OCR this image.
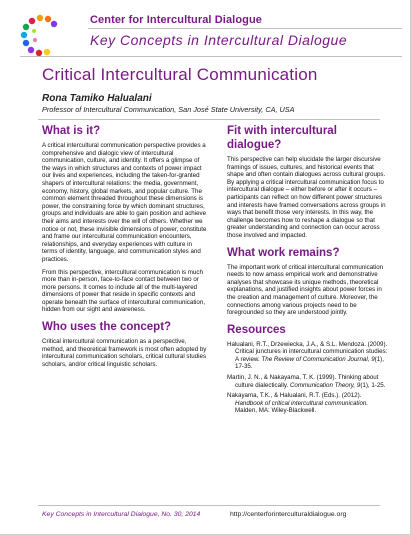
Center for Intercultural Dialogue
Key Concepts in Intercultural Dialogue
Critical Intercultural Communication
Rona Tamiko Halualani
Professor of Intercultural Communication, San José State University, CA, USA
What is it?

A critical intercultural communication perspective provides a comprehensive and dialogic view of intercultural communication, culture, and identity. It offers a glimpse of the ways in which structures and contexts of power impact our lives and experiences, including the taken-for-granted shapers of intercultural relations: the media, government, economy, history, global markets, and popular culture. The common element threaded throughout these dimensions is power, the constraining force by which dominant structures, groups and individuals are able to gain position and achieve their aims and interests over the will of others. Whether we notice or not, these invisible dimensions of power, constitute and frame our intercultural communication encounters, relationships, and everyday experiences with culture in terms of identity, language, and communication styles and practices.

From this perspective, intercultural communication is much more than in-person, face-to-face contact between two or more persons. It comes to include all of the multi-layered dimensions of power that reside in specific contexts and operate beneath the surface of intercultural communication, hidden from our sight and awareness.

Who uses the concept?

Critical intercultural communication as a perspective, method, and theoretical framework is most often adopted by intercultural communication scholars, critical cultural studies scholars, and/or critical linguistic scholars.

Fit with intercultural dialogue?

This perspective can help elucidate the larger discursive framings of issues, cultures, and historical events that shape and often contain dialogues across cultural groups. By applying a critical intercultural communication focus to intercultural dialogue – either before or after it occurs – participants can reflect on how different power structures and interests have framed conversations across groups in ways that benefit those very interests. In this way, the challenge becomes how to reshape a dialogue so that greater understanding and connection can occur across those involved and impacted.

What work remains?

The important work of critical intercultural communication needs to now amass empirical work and demonstrative analyses that showcase its unique methods, theoretical explanations, and justified insights about power forces in the creation and management of culture. Moreover, the connections among various projects need to be foregrounded so they are understood jointly.

Resources

Halualani, R.T., Drzewiecka, J.A., & S.L. Mendoza. (2009). Critical junctures in intercultural communication studies: A review. The Review of Communication Journal, 9(1), 17-35.

Martin, J. N., & Nakayama, T. K. (1999). Thinking about culture dialectically. Communication Theory, 9(1), 1-25.

Nakayama, T.K., & Halualani, R.T. (Eds.). (2012). Handbook of critical intercultural communication. Malden, MA: Wiley-Blackwell.

Key Concepts in Intercultural Dialogue, No. 30, 2014	http://centerforinterculturaldialogue.org
